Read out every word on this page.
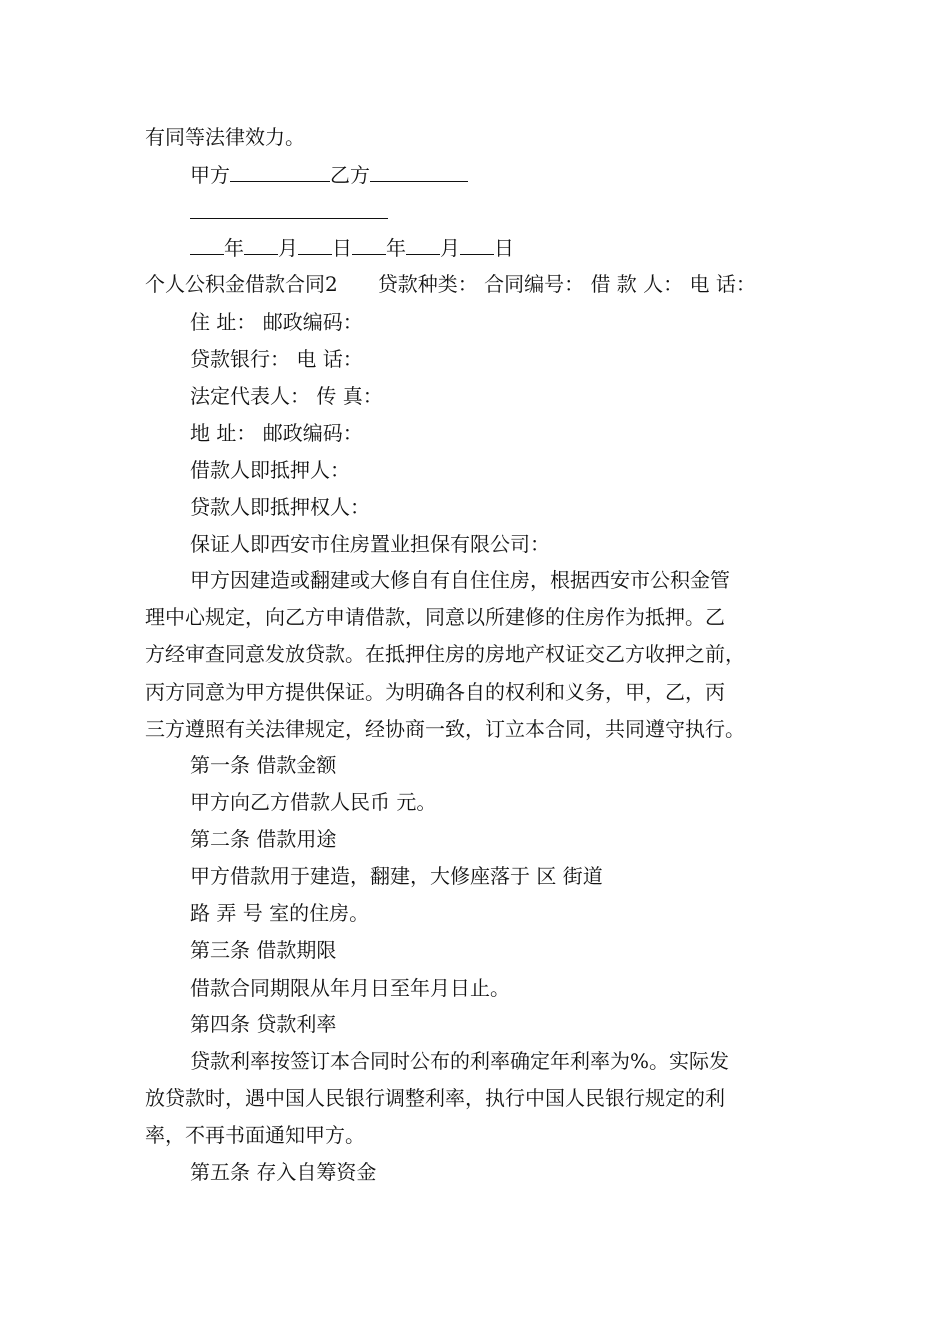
有同等法律效力。
甲方	乙方
年 月 日 年 月 日
个人公积金借款合同2　　贷款种类： 合同编号： 借 款 人： 电 话：
住 址： 邮政编码：
贷款银行： 电 话：
法定代表人： 传 真：
地 址： 邮政编码：
借款人即抵押人：
贷款人即抵押权人：
保证人即西安市住房置业担保有限公司：
甲方因建造或翻建或大修自有自住住房，根据西安市公积金管
理中心规定，向乙方申请借款，同意以所建修的住房作为抵押。乙
方经审查同意发放贷款。在抵押住房的房地产权证交乙方收押之前，
丙方同意为甲方提供保证。为明确各自的权利和义务，甲，乙，丙
三方遵照有关法律规定，经协商一致，订立本合同，共同遵守执行。
第一条 借款金额
甲方向乙方借款人民币 元。
第二条 借款用途
甲方借款用于建造，翻建，大修座落于 区 街道
路 弄 号 室的住房。
第三条 借款期限
借款合同期限从年月日至年月日止。
第四条 贷款利率
贷款利率按签订本合同时公布的利率确定年利率为%。实际发
放贷款时，遇中国人民银行调整利率，执行中国人民银行规定的利
率，不再书面通知甲方。
第五条 存入自筹资金
